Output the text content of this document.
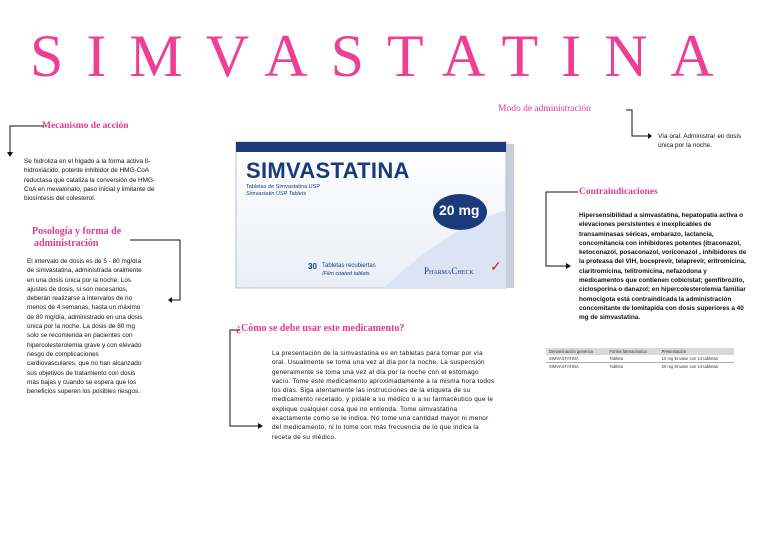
SIMVASTATINA
Modo de administración
Vía oral. Administrar en dosis única por la noche.
Mecanismo de acción
Se hidroliza en el hígado a la forma activa ß-hidroxiácido, potente inhibidor de HMG-CoA reductasa que cataliza la conversión de HMG-CoA en mevalonato, paso inicial y limitante de biosíntesis del colesterol.
Posología y forma de
administración
El intervalo de dosis es de 5 - 80 mg/día de simvastatina, administrada oralmente en una dosis única por la noche. Los ajustes de dosis, si son necesarios, deberán realizarse a intervalos de no menos de 4 semanas, hasta un máximo de 80 mg/día, administrado en una dosis única por la noche. La dosis de 80 mg solo se recomienda en pacientes con hipercolesterolemia grave y con elevado riesgo de complicaciones cardiovasculares, que no han alcanzado sus objetivos de tratamiento con dosis más bajas y cuando se espera que los beneficios superen los posibles riesgos.
SIMVASTATINA
Tabletas de Simvastatina USP
Simvastatin USP Tablets
20 mg
30 Tabletas recubiertas
/Film coated tablets	PharmaCheck ✓
Contraindicaciones
Hipersensibilidad a simvastatina, hepatopatía activa o elevaciones persistentes e inexplicables de transaminasas séricas, embarazo, lactancia, concomitancia con inhibidores potentes (itraconazol, ketoconazol, posaconazol, voriconazol , inhibidores de la proteasa del VIH, boceprevir, telaprevir, eritromicina, claritromicina, telitromicina, nefazodona y medicamentos que contienen cobicistat; gemfibrozilo, ciclosporina o danazol; en hipercolesterolemia familiar homocigota está contraindicada la administración concomitante de lomitapida con dosis superiores a 40 mg de simvastatina.
Denominación genérica	Forma farmacéutica	Presentación
SIMVASTATINA	Tableta	10 mg Envase con 14 tabletas
SIMVASTATINA	Tableta	20 mg Envase con 14 tabletas
¿Cómo se debe usar este medicamento?
La presentación de la simvastatina es en tabletas para tomar por vía oral. Usualmente se toma una vez al día por la noche. La suspensión generalmente se toma una vez al día por la noche con el estómago vacío. Tome este medicamento aproximadamente a la misma hora todos los días. Siga atentamente las instrucciones de la etiqueta de su medicamento recetado, y pídale a su médico o a su farmacéutico que le explique cualquier cosa que no entienda. Tome simvastatina exactamente como se le indica. No tome una cantidad mayor ni menor del medicamento, ni lo tome con más frecuencia de lo que indica la receta de su médico.
